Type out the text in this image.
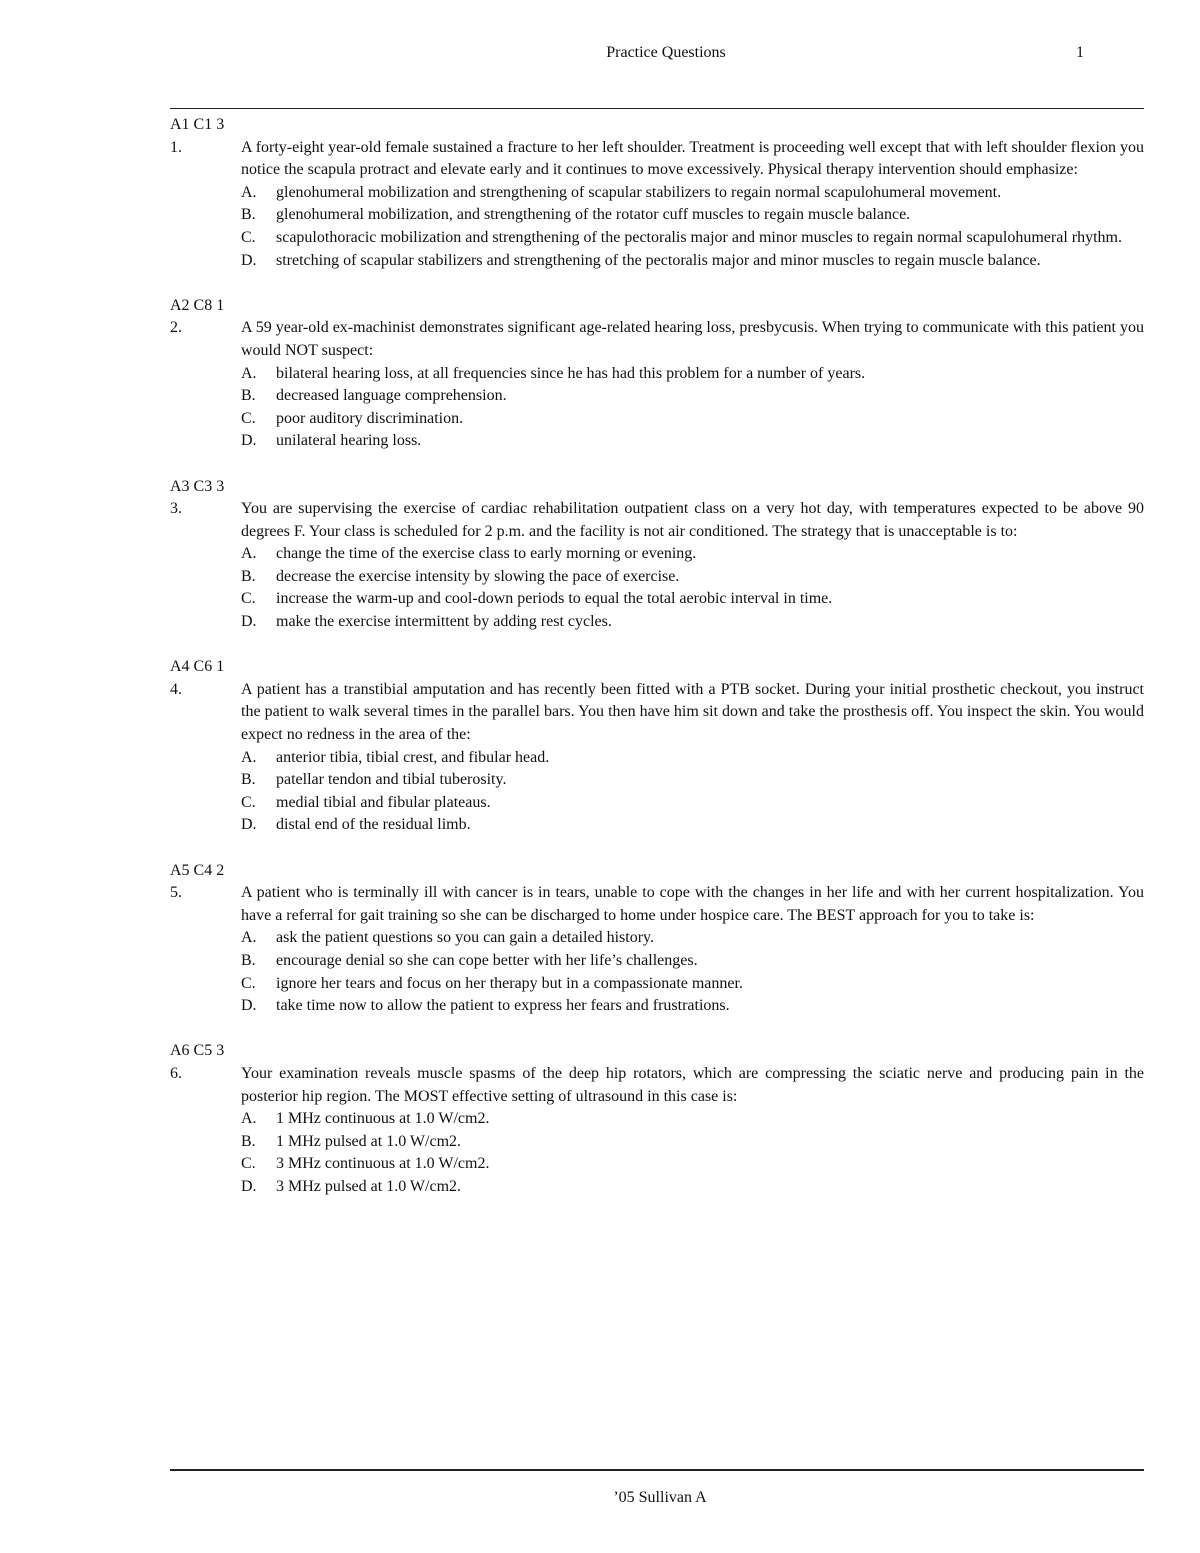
Practice Questions	1
A1 C1 3
1.	A forty-eight year-old female sustained a fracture to her left shoulder. Treatment is proceeding well except that with left shoulder flexion you notice the scapula protract and elevate early and it continues to move excessively. Physical therapy intervention should emphasize:
A.	glenohumeral mobilization and strengthening of scapular stabilizers to regain normal scapulohumeral movement.
B.	glenohumeral mobilization, and strengthening of the rotator cuff muscles to regain muscle balance.
C.	scapulothoracic mobilization and strengthening of the pectoralis major and minor muscles to regain normal scapulohumeral rhythm.
D.	stretching of scapular stabilizers and strengthening of the pectoralis major and minor muscles to regain muscle balance.
A2 C8 1
2.	A 59 year-old ex-machinist demonstrates significant age-related hearing loss, presbycusis. When trying to communicate with this patient you would NOT suspect:
A.	bilateral hearing loss, at all frequencies since he has had this problem for a number of years.
B.	decreased language comprehension.
C.	poor auditory discrimination.
D.	unilateral hearing loss.
A3 C3 3
3.	You are supervising the exercise of cardiac rehabilitation outpatient class on a very hot day, with temperatures expected to be above 90 degrees F. Your class is scheduled for 2 p.m. and the facility is not air conditioned. The strategy that is unacceptable is to:
A.	change the time of the exercise class to early morning or evening.
B.	decrease the exercise intensity by slowing the pace of exercise.
C.	increase the warm-up and cool-down periods to equal the total aerobic interval in time.
D.	make the exercise intermittent by adding rest cycles.
A4 C6 1
4.	A patient has a transtibial amputation and has recently been fitted with a PTB socket. During your initial prosthetic checkout, you instruct the patient to walk several times in the parallel bars. You then have him sit down and take the prosthesis off. You inspect the skin. You would expect no redness in the area of the:
A.	anterior tibia, tibial crest, and fibular head.
B.	patellar tendon and tibial tuberosity.
C.	medial tibial and fibular plateaus.
D.	distal end of the residual limb.
A5 C4 2
5.	A patient who is terminally ill with cancer is in tears, unable to cope with the changes in her life and with her current hospitalization. You have a referral for gait training so she can be discharged to home under hospice care. The BEST approach for you to take is:
A.	ask the patient questions so you can gain a detailed history.
B.	encourage denial so she can cope better with her life’s challenges.
C.	ignore her tears and focus on her therapy but in a compassionate manner.
D.	take time now to allow the patient to express her fears and frustrations.
A6 C5 3
6.	Your examination reveals muscle spasms of the deep hip rotators, which are compressing the sciatic nerve and producing pain in the posterior hip region. The MOST effective setting of ultrasound in this case is:
A.	1 MHz continuous at 1.0 W/cm2.
B.	1 MHz pulsed at 1.0 W/cm2.
C.	3 MHz continuous at 1.0 W/cm2.
D.	3 MHz pulsed at 1.0 W/cm2.
’05 Sullivan A
